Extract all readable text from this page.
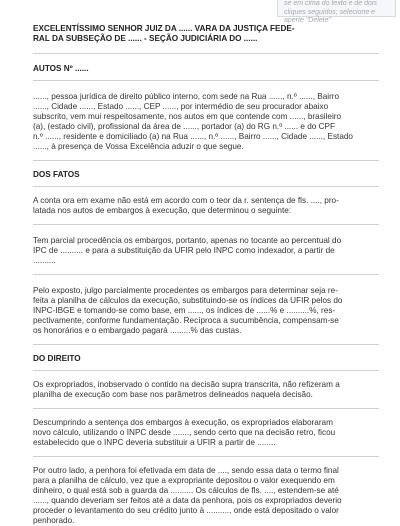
se em cima do texto e de dois
cliques seguidos; selecione e
aperte "Delete"

EXCELENTÍSSIMO SENHOR JUIZ DA ...... VARA DA JUSTIÇA FEDE-

RAL DA SUBSEÇÃO DE ...... - SEÇÃO JUDICIÁRIA DO ......

AUTOS Nº ......

......, pessoa jurídica de direito público interno, com sede na Rua ......, n.º ......, Bairro

......, Cidade ......, Estado ......, CEP ......, por intermédio de seu procurador abaixo

subscrito, vem mui respeitosamente, nos autos em que contende com ......, brasileiro

(a), (estado civil), profissional da área de ......, portador (a) do RG n.º ...... e do CPF

n.º ......, residente e domiciliado (a) na Rua ......, n.º ......, Bairro ......, Cidade ......, Estado

......, à presença de Vossa Excelência aduzir o que segue.

DOS FATOS

A conta ora em exame não está em acordo com o teor da r. sentença de fls. ...., pro-

latada nos autos de embargos à execução, que determinou o seguinte:

Tem parcial procedência os embargos, portanto, apenas no tocante ao percentual do

IPC de .......... e para a substituição da UFIR pelo INPC como indexador, a partir de

..........

Pelo exposto, julgo parcialmente procedentes os embargos para determinar seja re-

feita a planilha de cálculos da execução, substituindo-se os índices da UFIR pelos do

INPC-IBGE e tomando-se como base, em ......, os índices de ......% e ..........%, res-

pectivamente, conforme fundamentação. Recíproca a sucumbência, compensam-se

os honorários e o embargado pagará .........% das custas.

DO DIREITO

Os expropriados, inobservado o contido na decisão supra transcrita, não refizeram a

planilha de execução com base nos parâmetros delineados naquela decisão.

Descumprindo a sentença dos embargos à execução, os expropriados elaboraram

novo cálculo, utilizando o INPC desde ......., sendo certo que na decisão retro, ficou

estabelecido que o INPC deveria substituir a UFIR a partir de ........

Por outro lado, a penhora foi efetivada em data de ...., sendo essa data o termo final

para a planilha de cálculo, vez que a expropriante depositou o valor exequendo em

dinheiro, o qual está sob a guarda da .......... Os cálculos de fls. ...., estendem-se até

......, quando deveriam ser feitos até a data da penhora, pois os expropriados deverio

proceder o levantamento do seu crédito junto à .........., onde está depositado o valor

penhorado.
